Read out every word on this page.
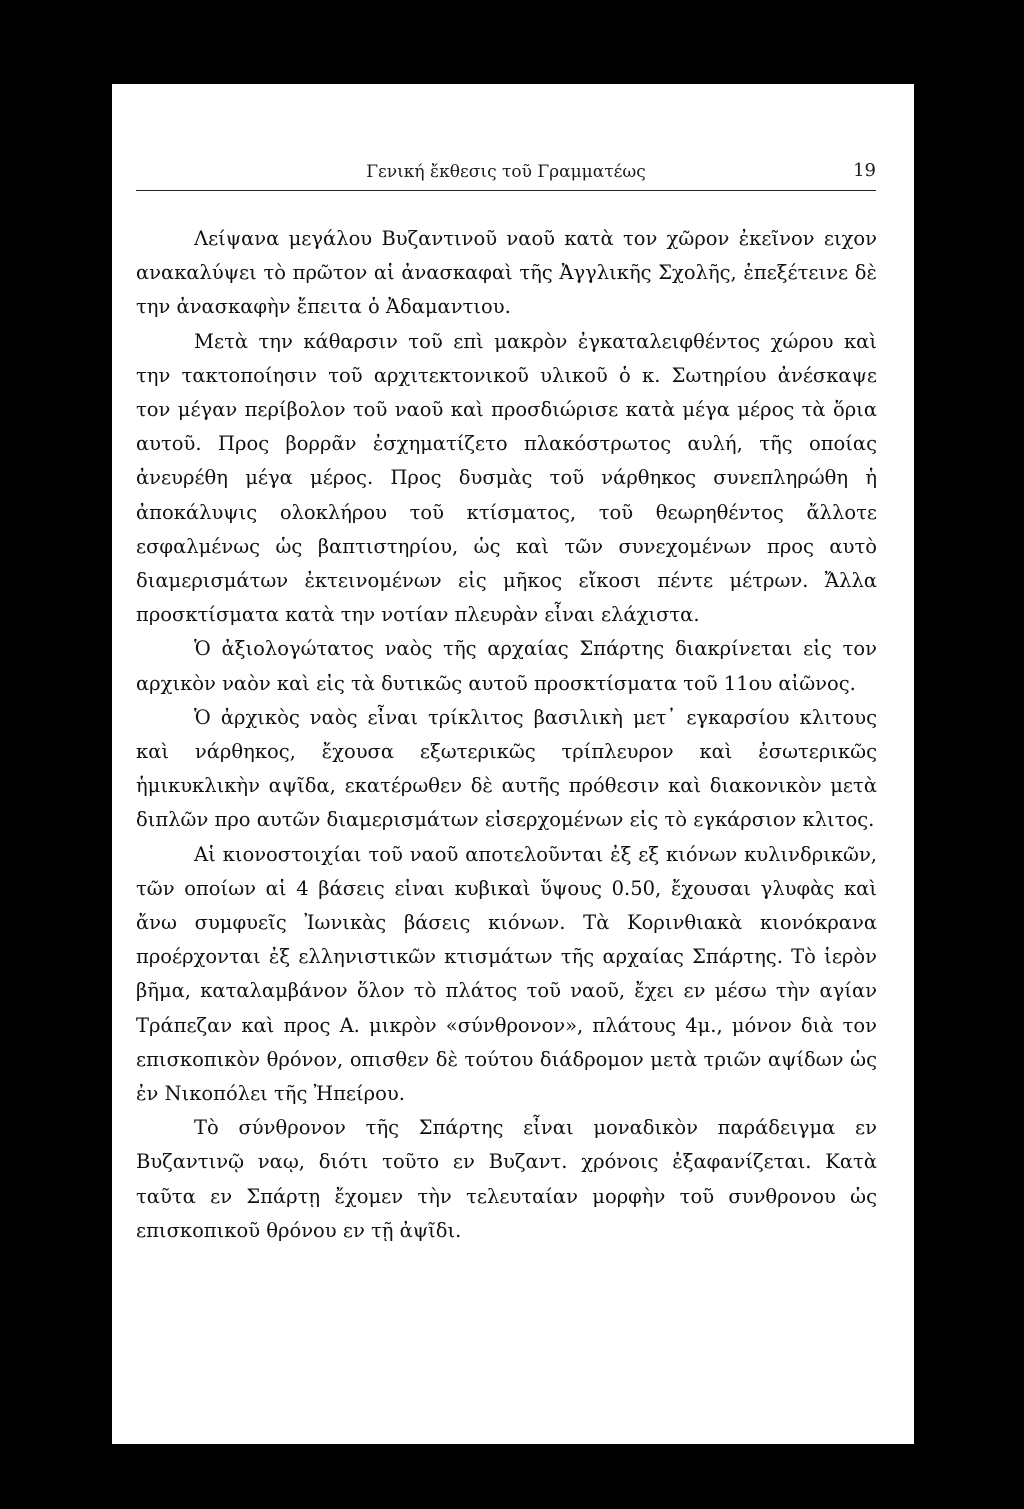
Γενική ἔκθεσις τοῦ Γραμματέως	19

Λείψανα μεγάλου Βυζαντινοῦ ναοῦ κατὰ τον χῶρον ἐκεῖνον ειχον ανακαλύψει τὸ πρῶτον αἱ ἀνασκαφαὶ τῆς Ἀγγλικῆς Σχολῆς, ἐπεξέτεινε δὲ την ἀνασκαφὴν ἔπειτα ὁ Ἀδαμαντιου.

Μετὰ την κάθαρσιν τοῦ επὶ μακρὸν ἐγκαταλειφθέντος χώρου καὶ την τακτοποίησιν τοῦ αρχιτεκτονικοῦ υλικοῦ ὁ κ. Σωτηρίου ἀνέσκαψε τον μέγαν περίβολον τοῦ ναοῦ καὶ προσδιώρισε κατὰ μέγα μέρος τὰ ὅρια αυτοῦ. Προς βορρᾶν ἐσχηματίζετο πλακόστρωτος αυλή, τῆς οποίας ἀνευρέθη μέγα μέρος. Προς δυσμὰς τοῦ νάρθηκος συνεπληρώθη ἡ ἀποκάλυψις ολοκλήρου τοῦ κτίσματος, τοῦ θεωρηθέντος ἄλλοτε εσφαλμένως ὡς βαπτιστηρίου, ὡς καὶ τῶν συνεχομένων προς αυτὸ διαμερισμάτων ἐκτεινομένων εἰς μῆκος εἴκοσι πέντε μέτρων. Ἄλλα προσκτίσματα κατὰ την νοτίαν πλευρὰν εἶναι ελάχιστα.

Ὁ ἀξιολογώτατος ναὸς τῆς αρχαίας Σπάρτης διακρίνεται εἰς τον αρχικὸν ναὸν καὶ εἰς τὰ δυτικῶς αυτοῦ προσκτίσματα τοῦ 11ου αἰῶνος.

Ὁ ἀρχικὸς ναὸς εἶναι τρίκλιτος βασιλικὴ μετ᾽ εγκαρσίου κλιτους καὶ νάρθηκος, ἔχουσα εξωτερικῶς τρίπλευρον καὶ ἐσωτερικῶς ἡμικυκλικὴν αψῖδα, εκατέρωθεν δὲ αυτῆς πρόθεσιν καὶ διακονικὸν μετὰ διπλῶν προ αυτῶν διαμερισμάτων εἰσερχομένων εἰς τὸ εγκάρσιον κλιτος.

Αἱ κιονοστοιχίαι τοῦ ναοῦ αποτελοῦνται ἐξ εξ κιόνων κυλινδρικῶν, τῶν οποίων αἱ 4 βάσεις εἰναι κυβικαὶ ὕψους 0.50, ἔχουσαι γλυφὰς καὶ ἄνω συμφυεῖς Ἰωνικὰς βάσεις κιόνων. Τὰ Κορινθιακὰ κιονόκρανα προέρχονται ἐξ ελληνιστικῶν κτισμάτων τῆς αρχαίας Σπάρτης. Τὸ ἱερὸν βῆμα, καταλαμβάνον ὅλον τὸ πλάτος τοῦ ναοῦ, ἔχει εν μέσω τὴν αγίαν Τράπεζαν καὶ προς Α. μικρὸν «σύνθρονον», πλάτους 4μ., μόνον διὰ τον επισκοπικὸν θρόνον, οπισθεν δὲ τούτου διάδρομον μετὰ τριῶν αψίδων ὡς ἐν Νικοπόλει τῆς Ἠπείρου.

Τὸ σύνθρονον τῆς Σπάρτης εἶναι μοναδικὸν παράδειγμα εν Βυζαντινῷ ναῳ, διότι τοῦτο εν Βυζαντ. χρόνοις ἐξαφανίζεται. Κατὰ ταῦτα εν Σπάρτῃ ἔχομεν τὴν τελευταίαν μορφὴν τοῦ συνθρονου ὡς επισκοπικοῦ θρόνου εν τῇ ἀψῖδι.
